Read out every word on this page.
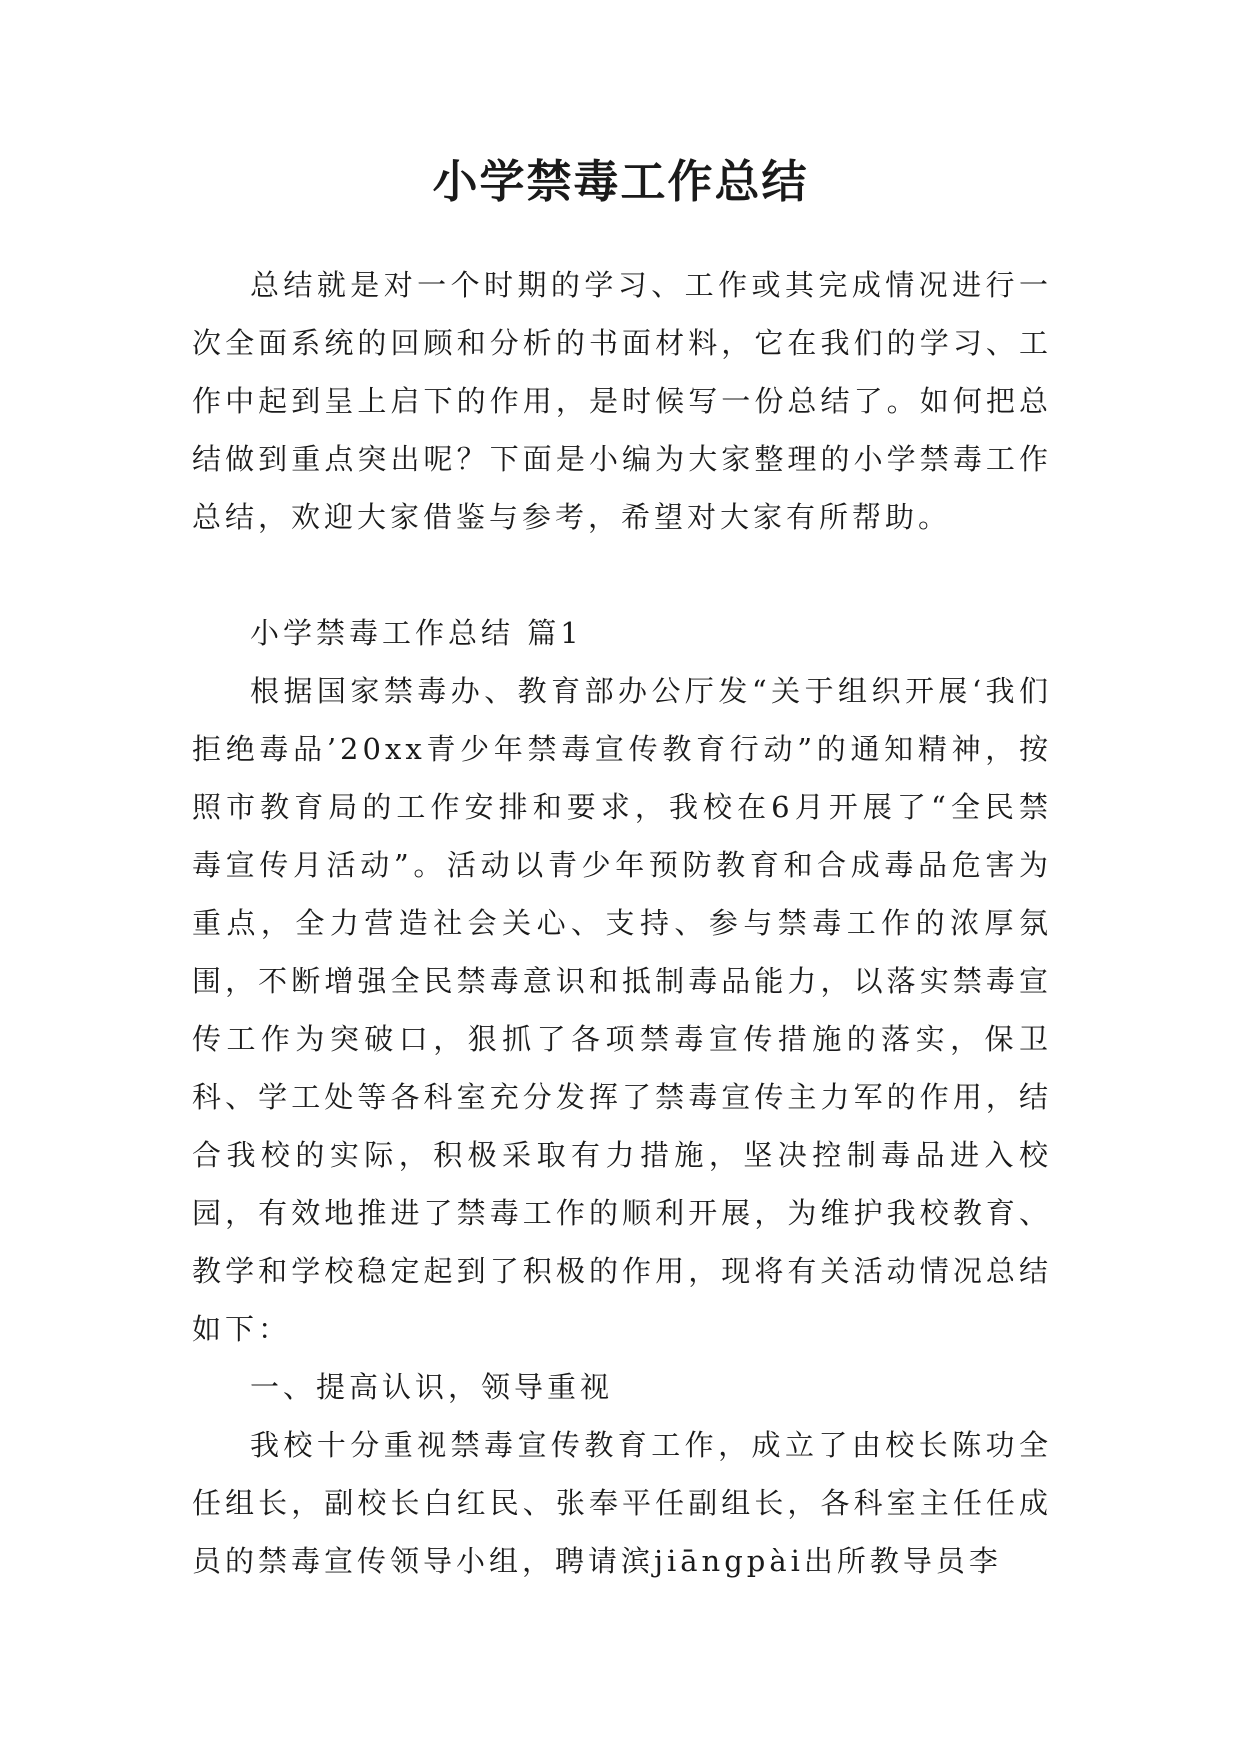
小学禁毒工作总结

总结就是对一个时期的学习、工作或其完成情况进行一次全面系统的回顾和分析的书面材料，它在我们的学习、工作中起到呈上启下的作用，是时候写一份总结了。如何把总结做到重点突出呢？下面是小编为大家整理的小学禁毒工作总结，欢迎大家借鉴与参考，希望对大家有所帮助。

小学禁毒工作总结 篇1

根据国家禁毒办、教育部办公厅发“关于组织开展‘我们拒绝毒品’20xx青少年禁毒宣传教育行动”的通知精神，按照市教育局的工作安排和要求，我校在6月开展了“全民禁毒宣传月活动”。活动以青少年预防教育和合成毒品危害为重点，全力营造社会关心、支持、参与禁毒工作的浓厚氛围，不断增强全民禁毒意识和抵制毒品能力，以落实禁毒宣传工作为突破口，狠抓了各项禁毒宣传措施的落实，保卫科、学工处等各科室充分发挥了禁毒宣传主力军的作用，结合我校的实际，积极采取有力措施，坚决控制毒品进入校园，有效地推进了禁毒工作的顺利开展，为维护我校教育、教学和学校稳定起到了积极的作用，现将有关活动情况总结如下：

一、提高认识，领导重视

我校十分重视禁毒宣传教育工作，成立了由校长陈功全任组长，副校长白红民、张奉平任副组长，各科室主任任成员的禁毒宣传领导小组，聘请滨jiāngpài出所教导员李
